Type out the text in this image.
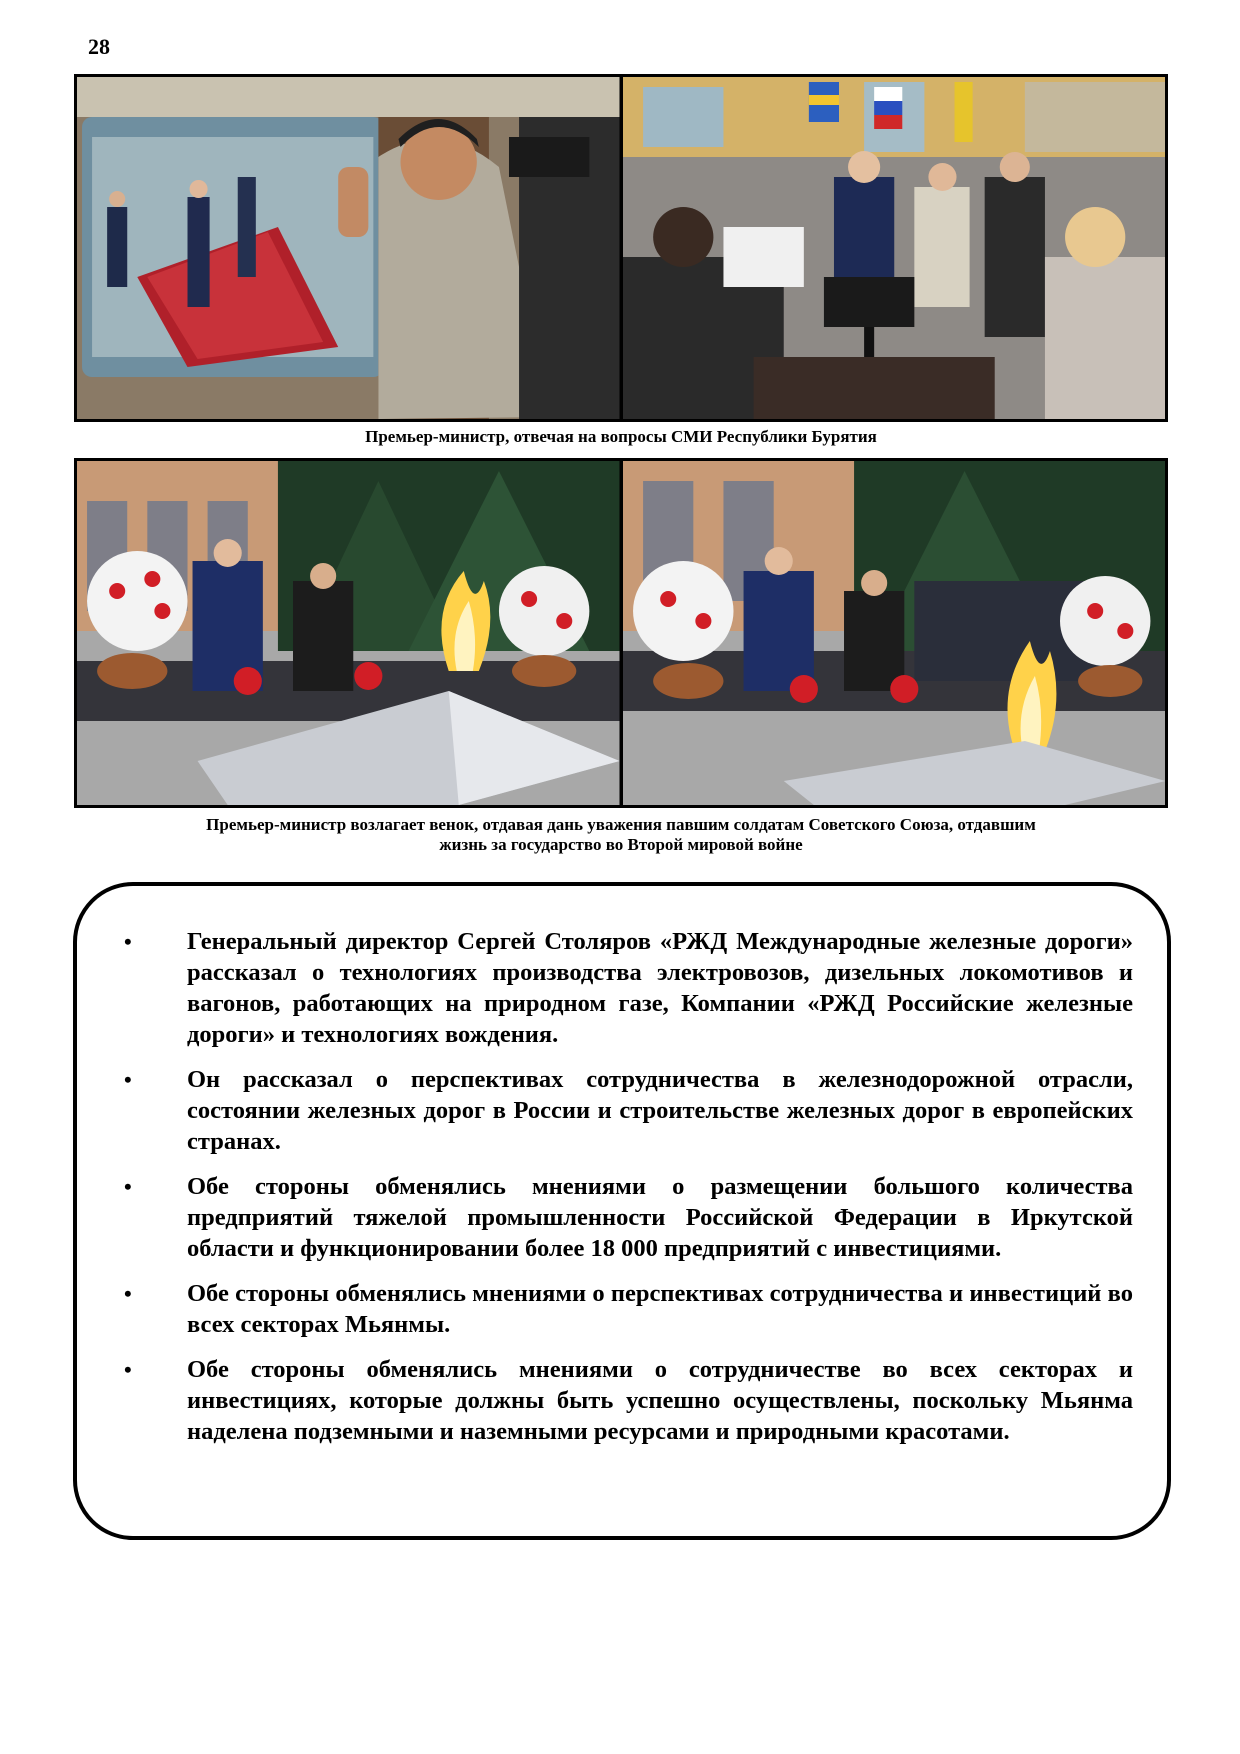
28
Премьер-министр, отвечая на вопросы СМИ Республики Бурятия
Премьер-министр возлагает венок, отдавая дань уважения павшим солдатам Советского Союза, отдавшим
жизнь за государство во Второй мировой войне
• Генеральный директор Сергей Столяров «РЖД Международные железные дороги» рассказал о технологиях производства электровозов, дизельных локомотивов и вагонов, работающих на природном газе, Компании «РЖД Российские железные дороги» и технологиях вождения.
• Он рассказал о перспективах сотрудничества в железнодорожной отрасли, состоянии железных дорог в России и строительстве железных дорог в европейских странах.
• Обе стороны обменялись мнениями о размещении большого количества предприятий тяжелой промышленности Российской Федерации в Иркутской области и функционировании более 18 000 предприятий с инвестициями.
• Обе стороны обменялись мнениями о перспективах сотрудничества и инвестиций во всех секторах Мьянмы.
• Обе стороны обменялись мнениями о сотрудничестве во всех секторах и инвестициях, которые должны быть успешно осуществлены, поскольку Мьянма наделена подземными и наземными ресурсами и природными красотами.
